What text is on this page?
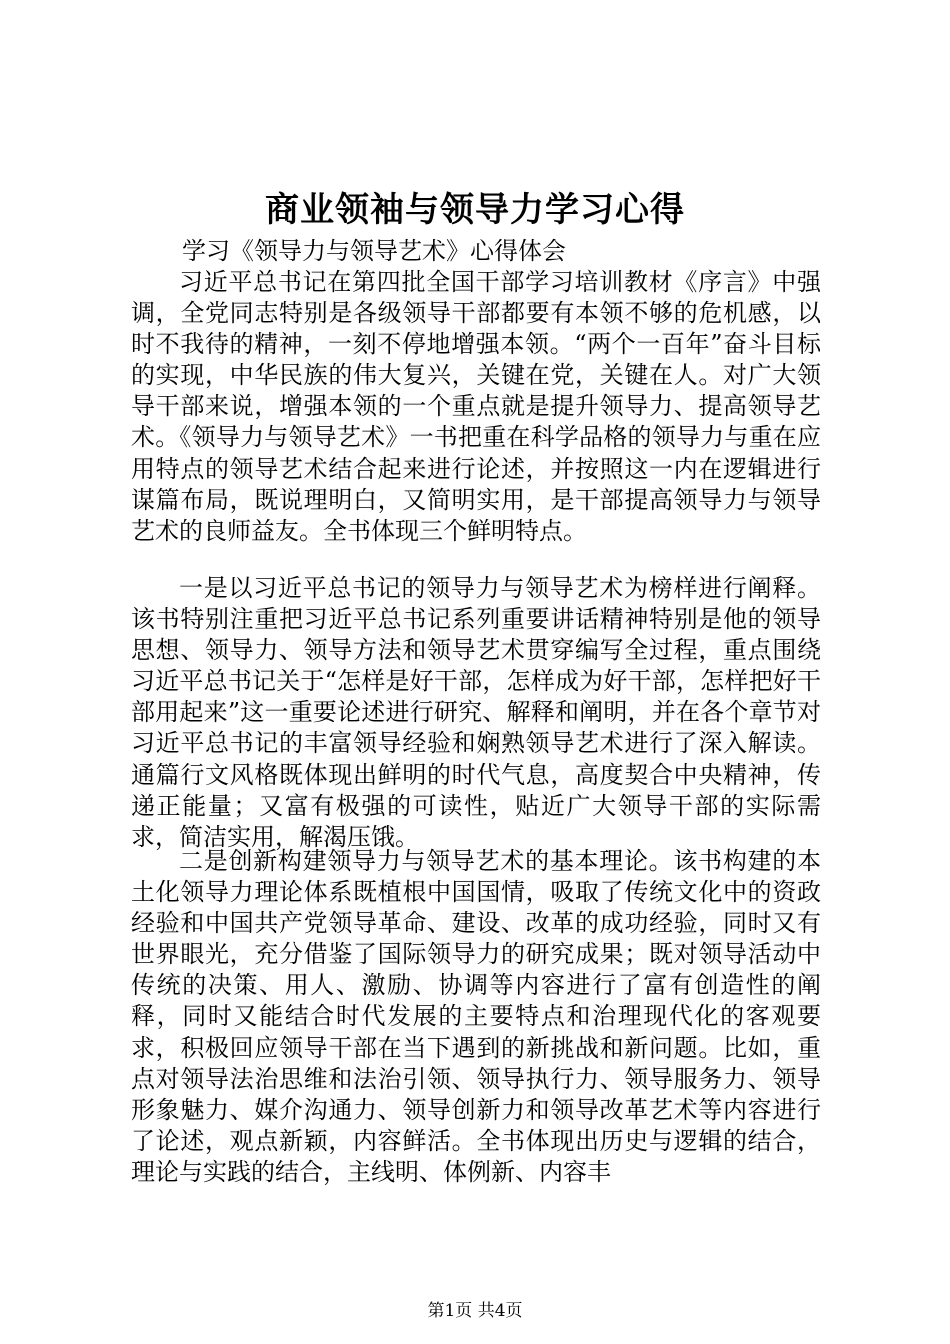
商业领袖与领导力学习心得
学习《领导力与领导艺术》心得体会

习近平总书记在第四批全国干部学习培训教材《序言》中强调，全党同志特别是各级领导干部都要有本领不够的危机感，以时不我待的精神，一刻不停地增强本领。“两个一百年”奋斗目标的实现，中华民族的伟大复兴，关键在党，关键在人。对广大领导干部来说，增强本领的一个重点就是提升领导力、提高领导艺术。《领导力与领导艺术》一书把重在科学品格的领导力与重在应用特点的领导艺术结合起来进行论述，并按照这一内在逻辑进行谋篇布局，既说理明白，又简明实用，是干部提高领导力与领导艺术的良师益友。全书体现三个鲜明特点。

一是以习近平总书记的领导力与领导艺术为榜样进行阐释。该书特别注重把习近平总书记系列重要讲话精神特别是他的领导思想、领导力、领导方法和领导艺术贯穿编写全过程，重点围绕习近平总书记关于“怎样是好干部，怎样成为好干部，怎样把好干部用起来”这一重要论述进行研究、解释和阐明，并在各个章节对习近平总书记的丰富领导经验和娴熟领导艺术进行了深入解读。通篇行文风格既体现出鲜明的时代气息，高度契合中央精神，传递正能量；又富有极强的可读性，贴近广大领导干部的实际需求，简洁实用，解渴压饿。

二是创新构建领导力与领导艺术的基本理论。该书构建的本土化领导力理论体系既植根中国国情，吸取了传统文化中的资政经验和中国共产党领导革命、建设、改革的成功经验，同时又有世界眼光，充分借鉴了国际领导力的研究成果；既对领导活动中传统的决策、用人、激励、协调等内容进行了富有创造性的阐释，同时又能结合时代发展的主要特点和治理现代化的客观要求，积极回应领导干部在当下遇到的新挑战和新问题。比如，重点对领导法治思维和法治引领、领导执行力、领导服务力、领导形象魅力、媒介沟通力、领导创新力和领导改革艺术等内容进行了论述，观点新颖，内容鲜活。全书体现出历史与逻辑的结合，理论与实践的结合，主线明、体例新、内容丰

第1页 共4页
